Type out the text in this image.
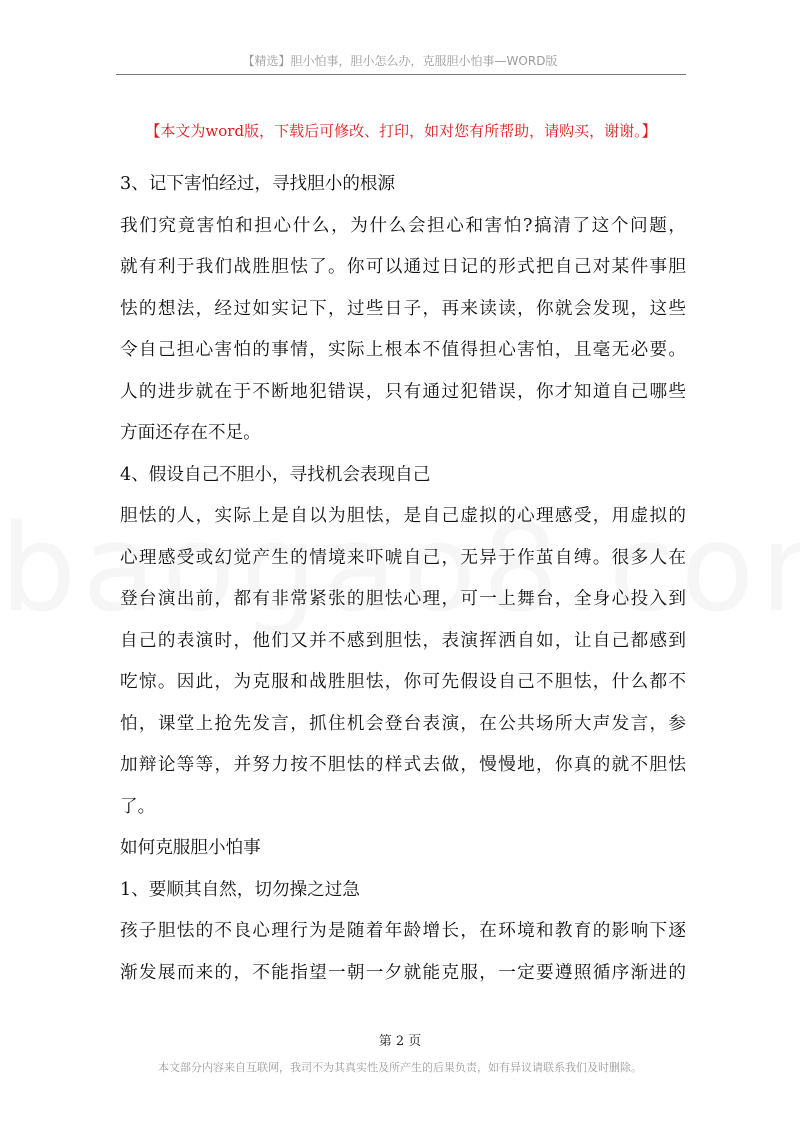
【精选】胆小怕事，胆小怎么办，克服胆小怕事—WORD版
【本文为word版，下载后可修改、打印，如对您有所帮助，请购买，谢谢。】
3、记下害怕经过，寻找胆小的根源
我们究竟害怕和担心什么，为什么会担心和害怕?搞清了这个问题，
就有利于我们战胜胆怯了。你可以通过日记的形式把自己对某件事胆
怯的想法，经过如实记下，过些日子，再来读读，你就会发现，这些
令自己担心害怕的事情，实际上根本不值得担心害怕，且毫无必要。
人的进步就在于不断地犯错误，只有通过犯错误，你才知道自己哪些
方面还存在不足。
4、假设自己不胆小，寻找机会表现自己
胆怯的人，实际上是自以为胆怯，是自己虚拟的心理感受，用虚拟的
心理感受或幻觉产生的情境来吓唬自己，无异于作茧自缚。很多人在
登台演出前，都有非常紧张的胆怯心理，可一上舞台，全身心投入到
自己的表演时，他们又并不感到胆怯，表演挥洒自如，让自己都感到
吃惊。因此，为克服和战胜胆怯，你可先假设自己不胆怯，什么都不
怕，课堂上抢先发言，抓住机会登台表演，在公共场所大声发言，参
加辩论等等，并努力按不胆怯的样式去做，慢慢地，你真的就不胆怯
了。
如何克服胆小怕事
1、要顺其自然，切勿操之过急
孩子胆怯的不良心理行为是随着年龄增长，在环境和教育的影响下逐
渐发展而来的，不能指望一朝一夕就能克服，一定要遵照循序渐进的
第 2 页
本文部分内容来自互联网，我司不为其真实性及所产生的后果负责，如有异议请联系我们及时删除。
